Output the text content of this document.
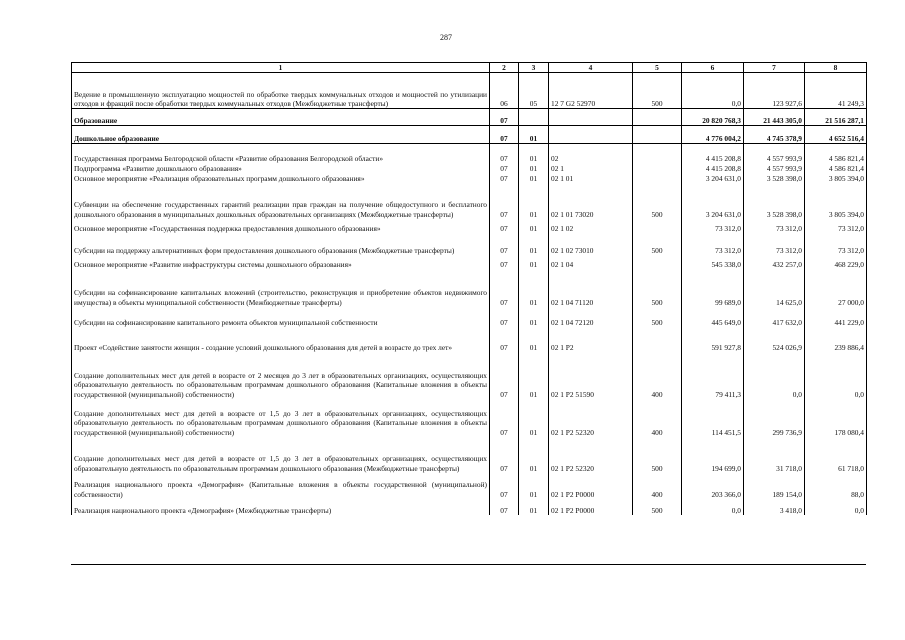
287
1	2	3	4	5	6	7	8
Ведение в промышленную эксплуатацию мощностей по обработке твердых коммунальных отходов и мощностей по утилизации отходов и фракций после обработки твердых коммунальных отходов (Межбюджетные трансферты)	06	05	12 7 G2 52970	500	0,0	123 927,6	41 249,3
Образование	07				20 820 768,3	21 443 305,0	21 516 287,1
Дошкольное образование	07	01			4 776 004,2	4 745 378,9	4 652 516,4
Государственная программа Белгородской области «Развитие образования Белгородской области»	07	01	02		4 415 208,8	4 557 993,9	4 586 821,4
Подпрограмма «Развитие дошкольного образования»	07	01	02 1		4 415 208,8	4 557 993,9	4 586 821,4
Основное мероприятие «Реализация образовательных программ дошкольного образования»	07	01	02 1 01		3 204 631,0	3 528 398,0	3 805 394,0
Субвенции на обеспечение государственных гарантий реализации прав граждан на получение общедоступного и бесплатного дошкольного образования в муниципальных дошкольных образовательных организациях (Межбюджетные трансферты)	07	01	02 1 01 73020	500	3 204 631,0	3 528 398,0	3 805 394,0
Основное мероприятие «Государственная поддержка предоставления дошкольного образования»	07	01	02 1 02		73 312,0	73 312,0	73 312,0
Субсидии на поддержку альтернативных форм предоставления дошкольного образования (Межбюджетные трансферты)	07	01	02 1 02 73010	500	73 312,0	73 312,0	73 312,0
Основное мероприятие «Развитие инфраструктуры системы дошкольного образования»	07	01	02 1 04		545 338,0	432 257,0	468 229,0
Субсидии на софинансирование капитальных вложений (строительство, реконструкция и приобретение объектов недвижимого имущества) в объекты муниципальной собственности (Межбюджетные трансферты)	07	01	02 1 04 71120	500	99 689,0	14 625,0	27 000,0
Субсидии на софинансирование капитального ремонта объектов муниципальной собственности	07	01	02 1 04 72120	500	445 649,0	417 632,0	441 229,0
Проект «Содействие занятости женщин - создание условий дошкольного образования для детей в возрасте до трех лет»	07	01	02 1 P2		591 927,8	524 026,9	239 886,4
Создание дополнительных мест для детей в возрасте от 2 месяцев до 3 лет в образовательных организациях, осуществляющих образовательную деятельность по образовательным программам дошкольного образования (Капитальные вложения в объекты государственной (муниципальной) собственности)	07	01	02 1 P2 51590	400	79 411,3	0,0	0,0
Создание дополнительных мест для детей в возрасте от 1,5 до 3 лет в образовательных организациях, осуществляющих образовательную деятельность по образовательным программам дошкольного образования (Капитальные вложения в объекты государственной (муниципальной) собственности)	07	01	02 1 P2 52320	400	114 451,5	299 736,9	178 080,4
Создание дополнительных мест для детей в возрасте от 1,5 до 3 лет в образовательных организациях, осуществляющих образовательную деятельность по образовательным программам дошкольного образования (Межбюджетные трансферты)	07	01	02 1 P2 52320	500	194 699,0	31 718,0	61 718,0
Реализация национального проекта «Демография» (Капитальные вложения в объекты государственной (муниципальной) собственности)	07	01	02 1 P2 P0000	400	203 366,0	189 154,0	88,0
Реализация национального проекта «Демография» (Межбюджетные трансферты)	07	01	02 1 P2 P0000	500	0,0	3 418,0	0,0
